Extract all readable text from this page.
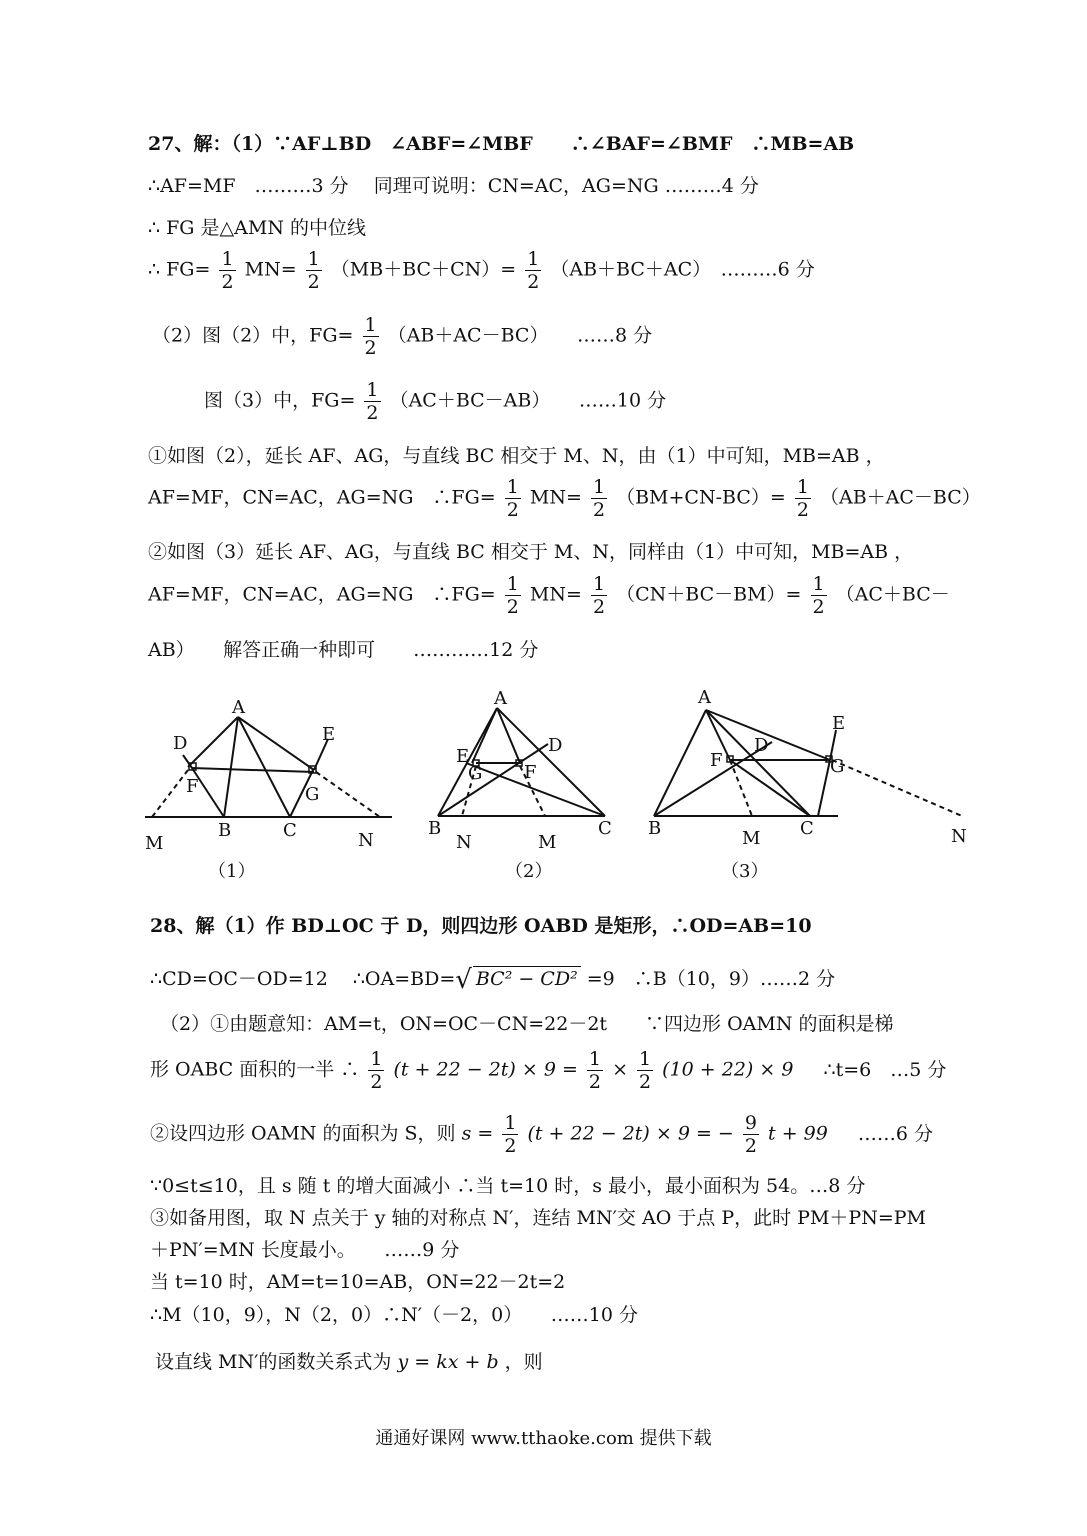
27、解：（1）∵AF⊥BD　∠ABF=∠MBF　　∴∠BAF=∠BMF　∴MB=AB
∴AF=MF　………3 分　 同理可说明：CN=AC，AG=NG ………4 分
∴ FG 是△AMN 的中位线
∴ $FG= \frac{1}{2} MN= \frac{1}{2} (MB+BC+CN)= \frac{1}{2} (AB+BC+AC)$　………6 分
（2）图（2）中，$FG= \frac{1}{2} (AB+AC-BC)$　　……8 分
图（3）中，$FG= \frac{1}{2} (AC+BC-AB)$　　……10 分
①如图（2），延长 AF、AG，与直线 BC 相交于 M、N，由（1）中可知，MB=AB ，
AF=MF，CN=AC，AG=NG　∴FG= $\frac{1}{2} MN= \frac{1}{2} (BM+CN-BC)= \frac{1}{2} (AB+AC-BC)$
②如图（3）延长 AF、AG，与直线 BC 相交于 M、N，同样由（1）中可知，MB=AB ，
AF=MF，CN=AC，AG=NG　∴FG= $\frac{1}{2} MN= \frac{1}{2} (CN+BC-BM)= \frac{1}{2} (AC+BC-$
AB）　　解答正确一种即可　　…………12 分
A
D
F
E
G
B	C
M	N
（1）
A
E
G F
D
B	C
N	M
（2）
A
F
D
E
G
B	C
M	N
（3）
28、解（1）作 BD⊥OC 于 D，则四边形 OABD 是矩形，∴OD=AB=10
∴CD=OC－OD=12　 ∴OA=BD=√ BC² − CD² =9　∴B（10，9）……2 分
（2）①由题意知：AM=t，ON=OC－CN=22－2t　　∵四边形 OAMN 的面积是梯
形 OABC 面积的一半 ∴ $\frac{1}{2} (t + 22 - 2t) \times 9 = \frac{1}{2} \times \frac{1}{2} (10 + 22) \times 9$ ∴t=6　…5 分
②设四边形 OAMN 的面积为 S，则 $s = \frac{1}{2} (t + 22 - 2t) \times 9$ = − $\frac{9}{2}$ t + 99 ……6 分
∵0≤t≤10，且 s 随 t 的增大面减小 ∴当 t=10 时，s 最小，最小面积为 54。…8 分
③如备用图，取 N 点关于 y 轴的对称点 N′，连结 MN′交 AO 于点 P，此时 PM＋PN=PM
＋PN′=MN 长度最小。　　……9 分
当 t=10 时，AM=t=10=AB，ON=22－2t=2
∴M（10，9），N（2，0）∴N′（－2，0）　　……10 分
设直线 MN′的函数关系式为 y = kx + b ，则
通通好课网 www.tthaoke.com 提供下载
